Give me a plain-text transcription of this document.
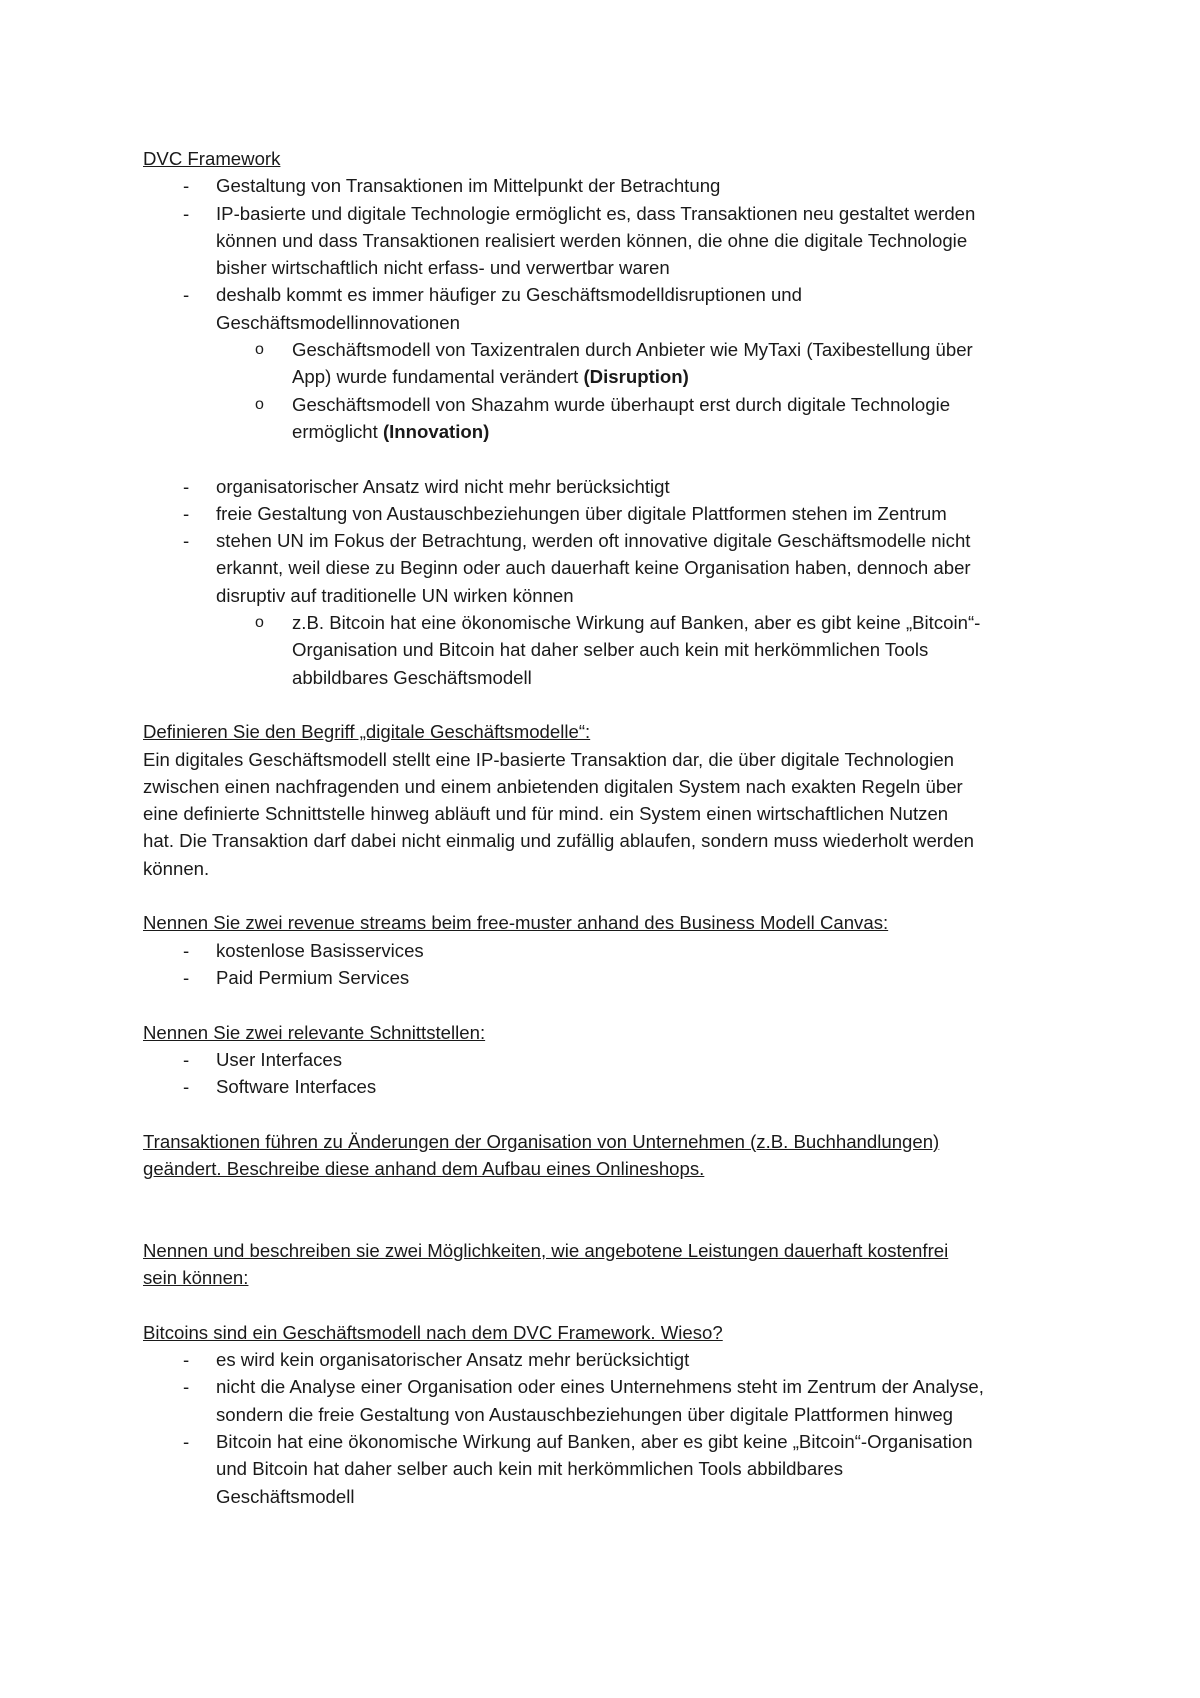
DVC Framework
- Gestaltung von Transaktionen im Mittelpunkt der Betrachtung
- IP-basierte und digitale Technologie ermöglicht es, dass Transaktionen neu gestaltet werden
können und dass Transaktionen realisiert werden können, die ohne die digitale Technologie
bisher wirtschaftlich nicht erfass- und verwertbar waren
- deshalb kommt es immer häufiger zu Geschäftsmodelldisruptionen und
Geschäftsmodellinnovationen
o Geschäftsmodell von Taxizentralen durch Anbieter wie MyTaxi (Taxibestellung über
App) wurde fundamental verändert (Disruption)
o Geschäftsmodell von Shazahm wurde überhaupt erst durch digitale Technologie
ermöglicht (Innovation)
- organisatorischer Ansatz wird nicht mehr berücksichtigt
- freie Gestaltung von Austauschbeziehungen über digitale Plattformen stehen im Zentrum
- stehen UN im Fokus der Betrachtung, werden oft innovative digitale Geschäftsmodelle nicht
erkannt, weil diese zu Beginn oder auch dauerhaft keine Organisation haben, dennoch aber
disruptiv auf traditionelle UN wirken können
o z.B. Bitcoin hat eine ökonomische Wirkung auf Banken, aber es gibt keine „Bitcoin“-
Organisation und Bitcoin hat daher selber auch kein mit herkömmlichen Tools
abbildbares Geschäftsmodell
Definieren Sie den Begriff „digitale Geschäftsmodelle“:
Ein digitales Geschäftsmodell stellt eine IP-basierte Transaktion dar, die über digitale Technologien
zwischen einen nachfragenden und einem anbietenden digitalen System nach exakten Regeln über
eine definierte Schnittstelle hinweg abläuft und für mind. ein System einen wirtschaftlichen Nutzen
hat. Die Transaktion darf dabei nicht einmalig und zufällig ablaufen, sondern muss wiederholt werden
können.
Nennen Sie zwei revenue streams beim free-muster anhand des Business Modell Canvas:
- kostenlose Basisservices
- Paid Permium Services
Nennen Sie zwei relevante Schnittstellen:
- User Interfaces
- Software Interfaces
Transaktionen führen zu Änderungen der Organisation von Unternehmen (z.B. Buchhandlungen)
geändert. Beschreibe diese anhand dem Aufbau eines Onlineshops.
Nennen und beschreiben sie zwei Möglichkeiten, wie angebotene Leistungen dauerhaft kostenfrei
sein können:
Bitcoins sind ein Geschäftsmodell nach dem DVC Framework. Wieso?
- es wird kein organisatorischer Ansatz mehr berücksichtigt
- nicht die Analyse einer Organisation oder eines Unternehmens steht im Zentrum der Analyse,
sondern die freie Gestaltung von Austauschbeziehungen über digitale Plattformen hinweg
- Bitcoin hat eine ökonomische Wirkung auf Banken, aber es gibt keine „Bitcoin“-Organisation
und Bitcoin hat daher selber auch kein mit herkömmlichen Tools abbildbares
Geschäftsmodell
